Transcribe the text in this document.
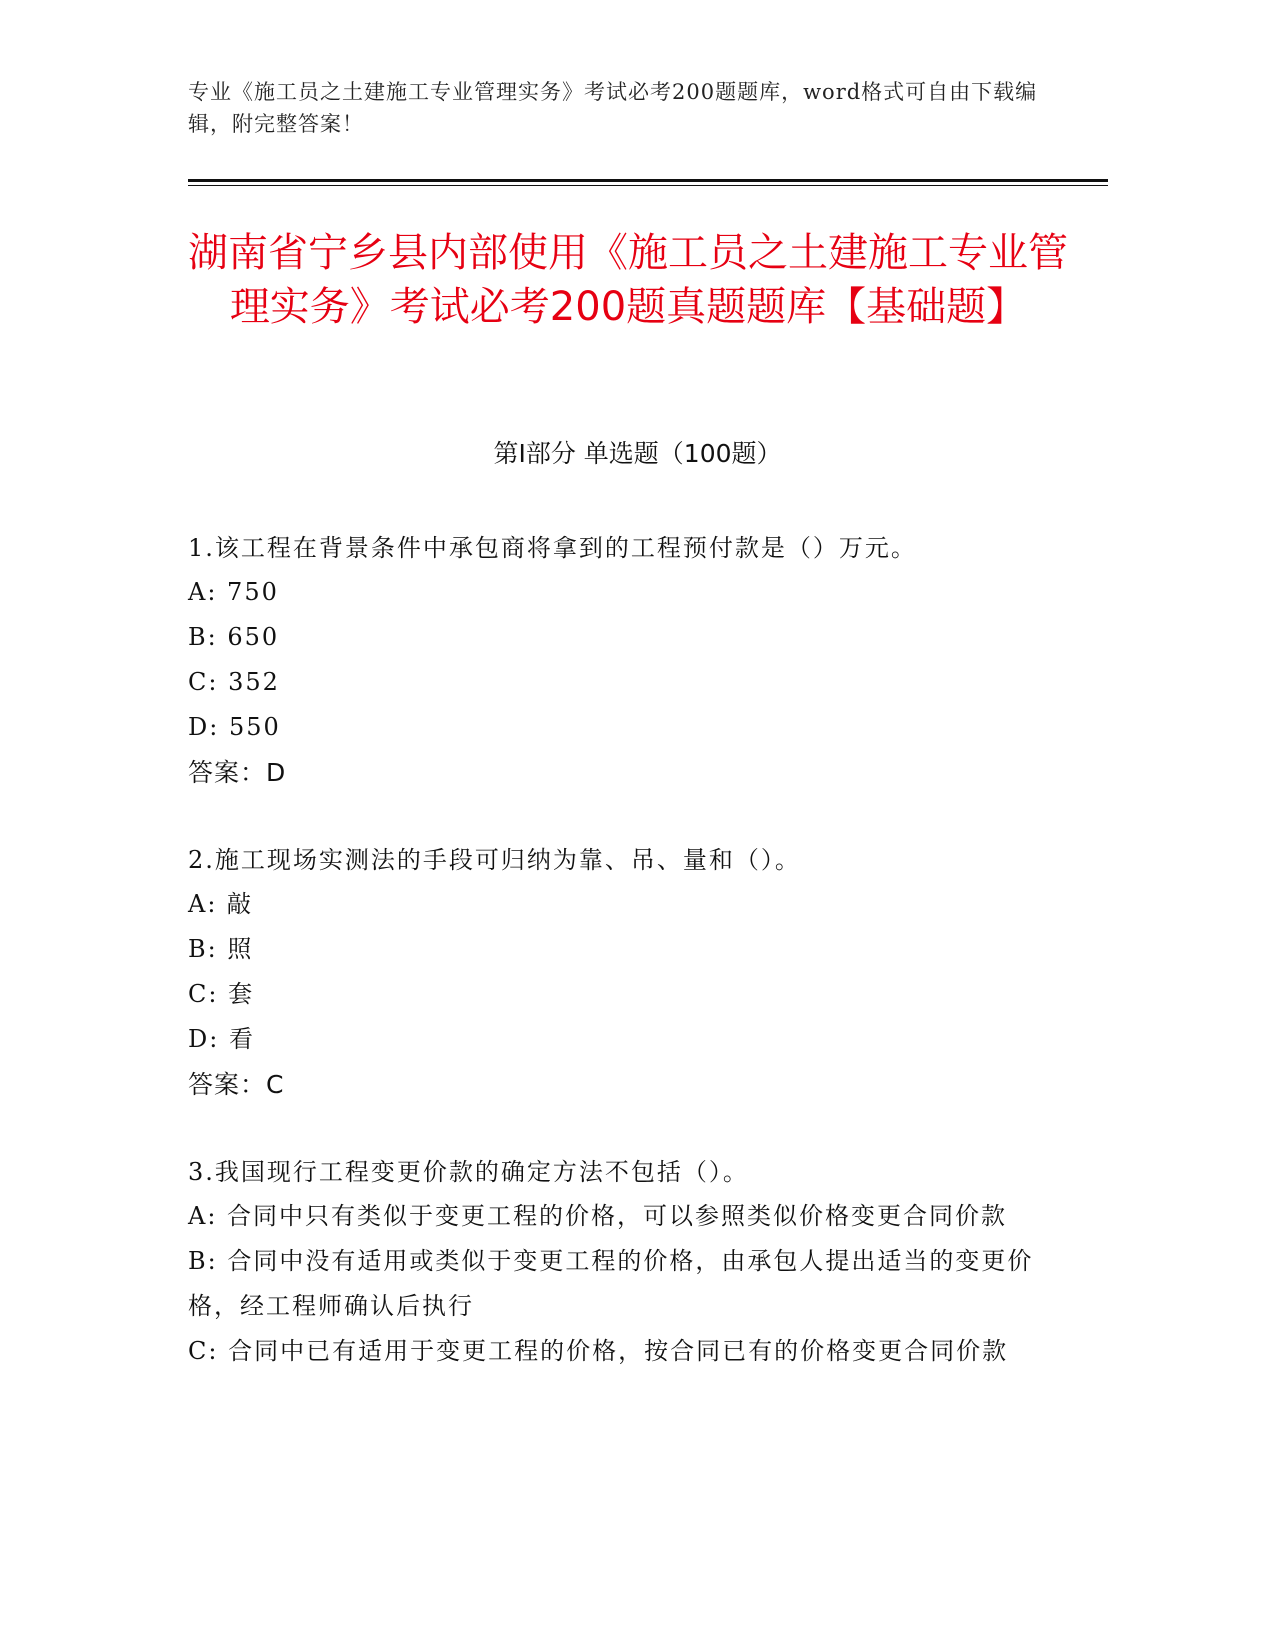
专业《施工员之土建施工专业管理实务》考试必考200题题库，word格式可自由下载编辑，附完整答案！
湖南省宁乡县内部使用《施工员之土建施工专业管理实务》考试必考200题真题题库【基础题】
第I部分 单选题（100题）
1.该工程在背景条件中承包商将拿到的工程预付款是（）万元。
A: 750
B: 650
C: 352
D: 550
答案：D
2.施工现场实测法的手段可归纳为靠、吊、量和（）。
A: 敲
B: 照
C: 套
D: 看
答案：C
3.我国现行工程变更价款的确定方法不包括（）。
A: 合同中只有类似于变更工程的价格，可以参照类似价格变更合同价款
B: 合同中没有适用或类似于变更工程的价格，由承包人提出适当的变更价格，经工程师确认后执行
C: 合同中已有适用于变更工程的价格，按合同已有的价格变更合同价款
